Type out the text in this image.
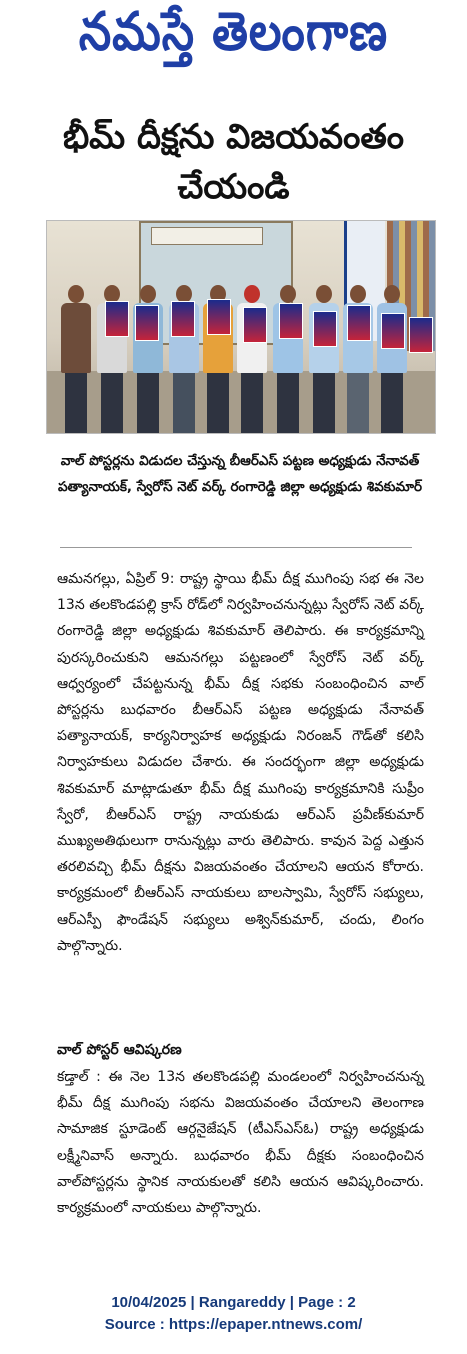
నమస్తే తెలంగాణ
భీమ్ దీక్షను విజయవంతం చేయండి
వాల్ పోస్టర్లను విడుదల చేస్తున్న బీఆర్ఎస్ పట్టణ అధ్యక్షుడు నేనావత్ పత్యానాయక్, స్వేరోస్ నెట్ వర్క్ రంగారెడ్డి జిల్లా అధ్యక్షుడు శివకుమార్

ఆమనగల్లు, ఏప్రిల్ 9: రాష్ట్ర స్థాయి భీమ్ దీక్ష ముగింపు సభ ఈ నెల 13న తలకొండపల్లి క్రాస్ రోడ్‌లో నిర్వహించనున్నట్లు స్వేరోస్ నెట్ వర్క్ రంగారెడ్డి జిల్లా అధ్యక్షుడు శివకుమార్ తెలిపారు. ఈ కార్యక్రమాన్ని పురస్కరించుకుని ఆమనగల్లు పట్టణంలో స్వేరోస్ నెట్ వర్క్ ఆధ్వర్యంలో చేపట్టనున్న భీమ్ దీక్ష సభకు సంబంధించిన వాల్ పోస్టర్లను బుధవారం బీఆర్ఎస్ పట్టణ అధ్యక్షుడు నేనావత్ పత్యానాయక్, కార్యనిర్వాహక అధ్యక్షుడు నిరంజన్ గౌడ్‌తో కలిసి నిర్వాహకులు విడుదల చేశారు. ఈ సందర్భంగా జిల్లా అధ్యక్షుడు శివకుమార్ మాట్లాడుతూ భీమ్ దీక్ష ముగింపు కార్యక్రమానికి సుప్రీం స్వేరో, బీఆర్ఎస్ రాష్ట్ర నాయకుడు ఆర్ఎస్ ప్రవీణ్‌కుమార్ ముఖ్యఅతిథులుగా రానున్నట్లు వారు తెలిపారు. కావున పెద్ద ఎత్తున తరలివచ్చి భీమ్ దీక్షను విజయవంతం చేయాలని ఆయన కోరారు. కార్యక్రమంలో బీఆర్ఎస్ నాయకులు బాలస్వామి, స్వేరోస్ సభ్యులు, ఆర్ఎస్పీ ఫౌండేషన్ సభ్యులు అశ్విన్‌కుమార్, చందు, లింగం పాల్గొన్నారు.

వాల్ పోస్టర్ ఆవిష్కరణ

కడ్తాల్ : ఈ నెల 13న తలకొండపల్లి మండలంలో నిర్వహించనున్న భీమ్ దీక్ష ముగింపు సభను విజయవంతం చేయాలని తెలంగాణ సామాజిక స్టూడెంట్ ఆర్గనైజేషన్ (టీఎస్ఎస్ఓ) రాష్ట్ర అధ్యక్షుడు లక్ష్మీనివాస్ అన్నారు. బుధవారం భీమ్ దీక్షకు సంబంధించిన వాల్‌పోస్టర్లను స్థానిక నాయకులతో కలిసి ఆయన ఆవిష్కరించారు. కార్యక్రమంలో నాయకులు పాల్గొన్నారు.

10/04/2025 | Rangareddy | Page : 2
Source : https://epaper.ntnews.com/
